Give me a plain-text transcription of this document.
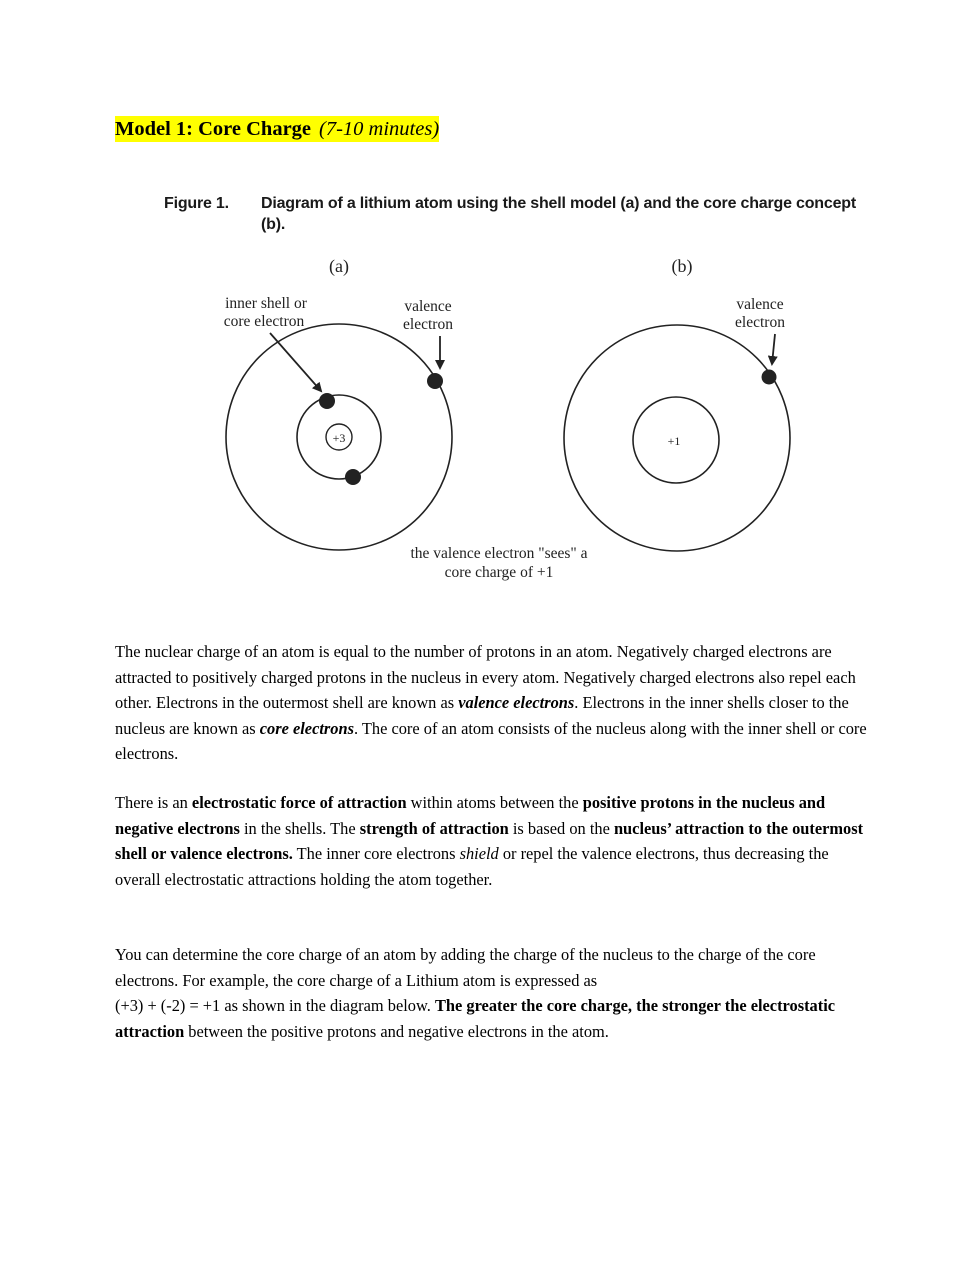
Model 1: Core Charge (7-10 minutes)
Figure 1. Diagram of a lithium atom using the shell model (a) and the core charge concept (b).
(a)
inner shell or
core electron
valence
electron
+3
(b)
valence
electron
+1
the valence electron "sees" a
core charge of +1
The nuclear charge of an atom is equal to the number of protons in an atom. Negatively charged electrons are attracted to positively charged protons in the nucleus in every atom. Negatively charged electrons also repel each other. Electrons in the outermost shell are known as valence electrons. Electrons in the inner shells closer to the nucleus are known as core electrons. The core of an atom consists of the nucleus along with the inner shell or core electrons.
There is an electrostatic force of attraction within atoms between the positive protons in the nucleus and negative electrons in the shells. The strength of attraction is based on the nucleus’ attraction to the outermost shell or valence electrons. The inner core electrons shield or repel the valence electrons, thus decreasing the overall electrostatic attractions holding the atom together.
You can determine the core charge of an atom by adding the charge of the nucleus to the charge of the core electrons. For example, the core charge of a Lithium atom is expressed as
(+3) + (-2) = +1 as shown in the diagram below. The greater the core charge, the stronger the electrostatic attraction between the positive protons and negative electrons in the atom.
